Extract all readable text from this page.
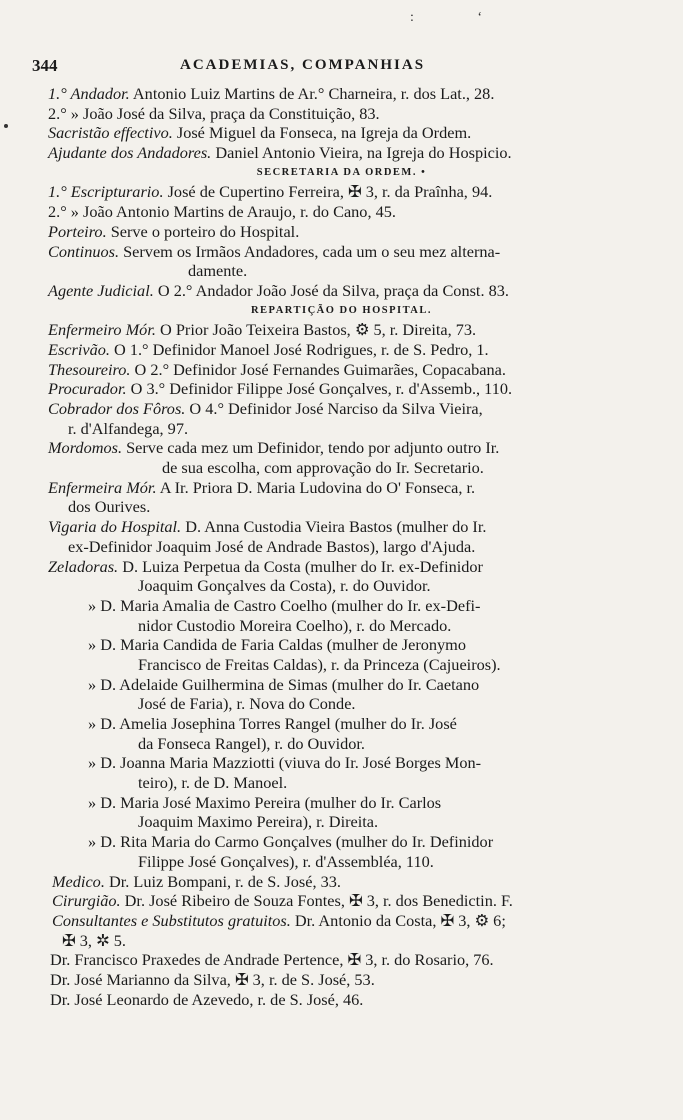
: ‘
344	ACADEMIAS, COMPANHIAS
1.° Andador. Antonio Luiz Martins de Ar.° Charneira, r. dos Lat., 28.
2.° » João José da Silva, praça da Constituição, 83.
Sacristão effectivo. José Miguel da Fonseca, na Igreja da Ordem.
Ajudante dos Andadores. Daniel Antonio Vieira, na Igreja do Hospicio.
SECRETARIA DA ORDEM. •
1.° Escripturario. José de Cupertino Ferreira, ✠ 3, r. da Praînha, 94.
2.° » João Antonio Martins de Araujo, r. do Cano, 45.
Porteiro. Serve o porteiro do Hospital.
Continuos. Servem os Irmãos Andadores, cada um o seu mez alterna-
damente.
Agente Judicial. O 2.° Andador João José da Silva, praça da Const. 83.
REPARTIÇÃO DO HOSPITAL.
Enfermeiro Mór. O Prior João Teixeira Bastos, ⚙ 5, r. Direita, 73.
Escrivão. O 1.° Definidor Manoel José Rodrigues, r. de S. Pedro, 1.
Thesoureiro. O 2.° Definidor José Fernandes Guimarães, Copacabana.
Procurador. O 3.° Definidor Filippe José Gonçalves, r. d'Assemb., 110.
Cobrador dos Fôros. O 4.° Definidor José Narciso da Silva Vieira,
r. d'Alfandega, 97.
Mordomos. Serve cada mez um Definidor, tendo por adjunto outro Ir.
de sua escolha, com approvação do Ir. Secretario.
Enfermeira Mór. A Ir. Priora D. Maria Ludovina do O' Fonseca, r.
dos Ourives.
Vigaria do Hospital. D. Anna Custodia Vieira Bastos (mulher do Ir.
ex-Definidor Joaquim José de Andrade Bastos), largo d'Ajuda.
Zeladoras. D. Luiza Perpetua da Costa (mulher do Ir. ex-Definidor
Joaquim Gonçalves da Costa), r. do Ouvidor.
» D. Maria Amalia de Castro Coelho (mulher do Ir. ex-Defi-
nidor Custodio Moreira Coelho), r. do Mercado.
» D. Maria Candida de Faria Caldas (mulher de Jeronymo
Francisco de Freitas Caldas), r. da Princeza (Cajueiros).
» D. Adelaide Guilhermina de Simas (mulher do Ir. Caetano
José de Faria), r. Nova do Conde.
» D. Amelia Josephina Torres Rangel (mulher do Ir. José
da Fonseca Rangel), r. do Ouvidor.
» D. Joanna Maria Mazziotti (viuva do Ir. José Borges Mon-
teiro), r. de D. Manoel.
» D. Maria José Maximo Pereira (mulher do Ir. Carlos
Joaquim Maximo Pereira), r. Direita.
» D. Rita Maria do Carmo Gonçalves (mulher do Ir. Definidor
Filippe José Gonçalves), r. d'Assembléa, 110.
Medico. Dr. Luiz Bompani, r. de S. José, 33.
Cirurgião. Dr. José Ribeiro de Souza Fontes, ✠ 3, r. dos Benedictin. F.
Consultantes e Substitutos gratuitos. Dr. Antonio da Costa, ✠ 3, ⚙ 6;
✠ 3, ✲ 5.
Dr. Francisco Praxedes de Andrade Pertence, ✠ 3, r. do Rosario, 76.
Dr. José Marianno da Silva, ✠ 3, r. de S. José, 53.
Dr. José Leonardo de Azevedo, r. de S. José, 46.
